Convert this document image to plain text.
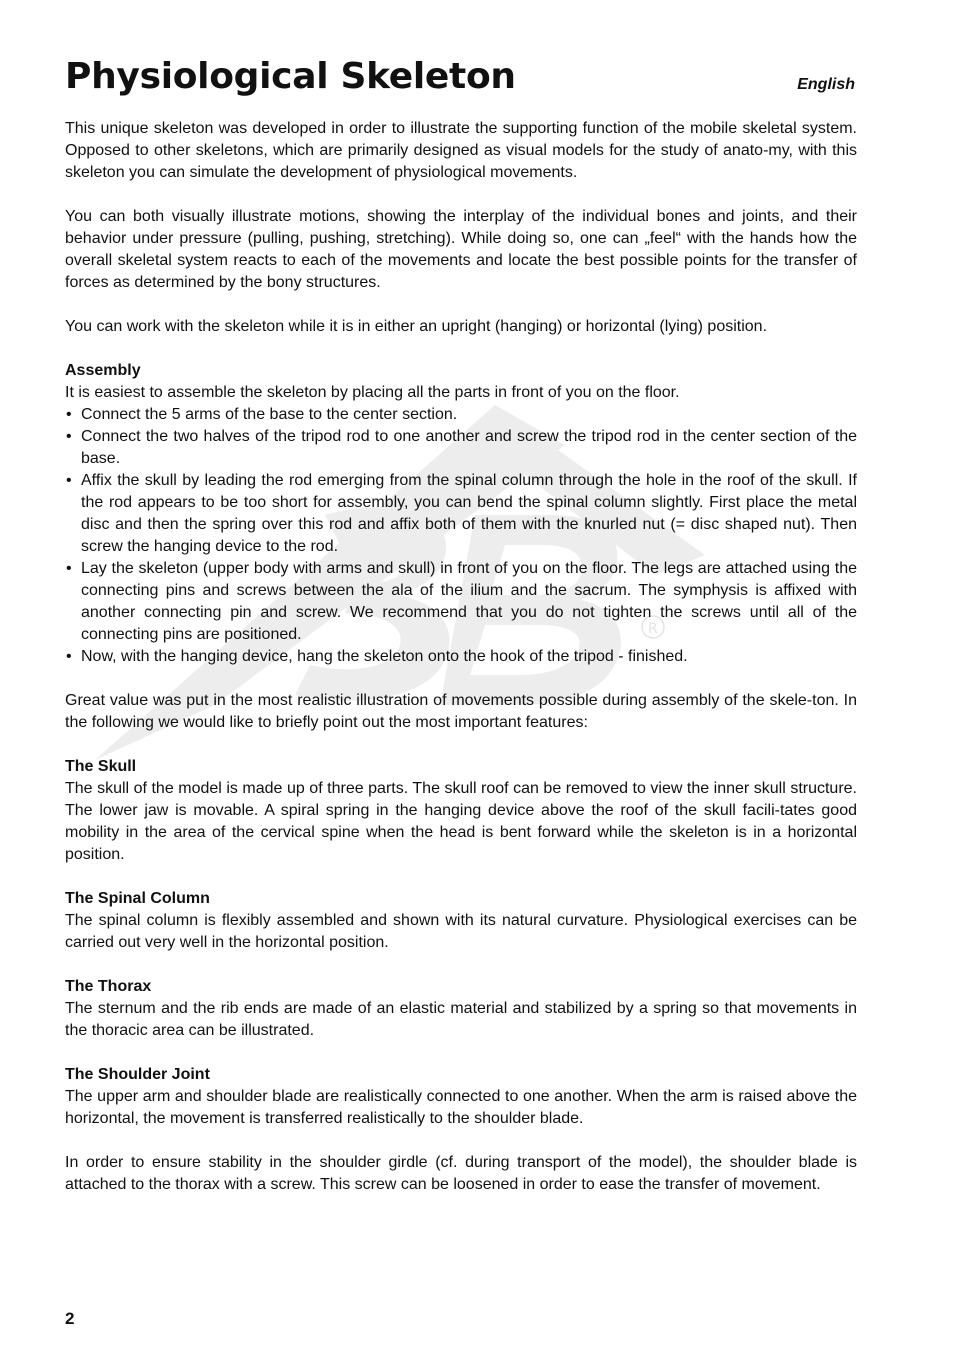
R
Physiological Skeleton	English

This unique skeleton was developed in order to illustrate the supporting function of the mobile skeletal system. Opposed to other skeletons, which are primarily designed as visual models for the study of anato-my, with this skeleton you can simulate the development of physiological movements.

You can both visually illustrate motions, showing the interplay of the individual bones and joints, and their behavior under pressure (pulling, pushing, stretching). While doing so, one can „feel“ with the hands how the overall skeletal system reacts to each of the movements and locate the best possible points for the transfer of forces as determined by the bony structures.

You can work with the skeleton while it is in either an upright (hanging) or horizontal (lying) position.

Assembly

It is easiest to assemble the skeleton by placing all the parts in front of you on the floor.

• Connect the 5 arms of the base to the center section.
• Connect the two halves of the tripod rod to one another and screw the tripod rod in the center section of the base.
• Affix the skull by leading the rod emerging from the spinal column through the hole in the roof of the skull. If the rod appears to be too short for assembly, you can bend the spinal column slightly. First place the metal disc and then the spring over this rod and affix both of them with the knurled nut (= disc shaped nut). Then screw the hanging device to the rod.
• Lay the skeleton (upper body with arms and skull) in front of you on the floor. The legs are attached using the connecting pins and screws between the ala of the ilium and the sacrum. The symphysis is affixed with another connecting pin and screw. We recommend that you do not tighten the screws until all of the connecting pins are positioned.
• Now, with the hanging device, hang the skeleton onto the hook of the tripod - finished.

Great value was put in the most realistic illustration of movements possible during assembly of the skele-ton. In the following we would like to briefly point out the most important features:

The Skull

The skull of the model is made up of three parts. The skull roof can be removed to view the inner skull structure. The lower jaw is movable. A spiral spring in the hanging device above the roof of the skull facili-tates good mobility in the area of the cervical spine when the head is bent forward while the skeleton is in a horizontal position.

The Spinal Column

The spinal column is flexibly assembled and shown with its natural curvature. Physiological exercises can be carried out very well in the horizontal position.

The Thorax

The sternum and the rib ends are made of an elastic material and stabilized by a spring so that movements in the thoracic area can be illustrated.

The Shoulder Joint

The upper arm and shoulder blade are realistically connected to one another. When the arm is raised above the horizontal, the movement is transferred realistically to the shoulder blade.

In order to ensure stability in the shoulder girdle (cf. during transport of the model), the shoulder blade is attached to the thorax with a screw. This screw can be loosened in order to ease the transfer of movement.

2
